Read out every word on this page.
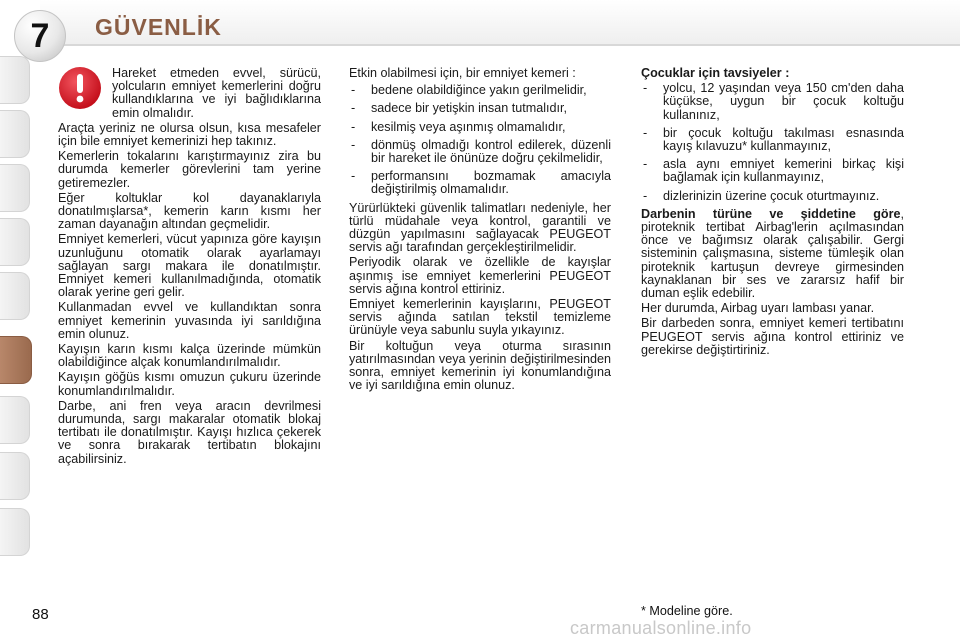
7	GÜVENLİK

Hareket etmeden evvel, sürücü, yolcuların emniyet kemerlerini doğru kullandıklarına ve iyi bağlıdıklarına emin olmalıdır.

Araçta yeriniz ne olursa olsun, kısa mesafeler için bile emniyet kemerinizi hep takınız.

Kemerlerin tokalarını karıştırmayınız zira bu durumda kemerler görevlerini tam yerine getiremezler.

Eğer koltuklar kol dayanaklarıyla donatılmışlarsa*, kemerin karın kısmı her zaman dayanağın altından geçmelidir.

Emniyet kemerleri, vücut yapınıza göre kayışın uzunluğunu otomatik olarak ayarlamayı sağlayan sargı makara ile donatılmıştır. Emniyet kemeri kullanılmadığında, otomatik olarak yerine geri gelir.

Kullanmadan evvel ve kullandıktan sonra emniyet kemerinin yuvasında iyi sarıldığına emin olunuz.

Kayışın karın kısmı kalça üzerinde mümkün olabildiğince alçak konumlandırılmalıdır.

Kayışın göğüs kısmı omuzun çukuru üzerinde konumlandırılmalıdır.

Darbe, ani fren veya aracın devrilmesi durumunda, sargı makaralar otomatik blokaj tertibatı ile donatılmıştır. Kayışı hızlıca çekerek ve sonra bırakarak tertibatın blokajını açabilirsiniz.

Etkin olabilmesi için, bir emniyet kemeri :

- bedene olabildiğince yakın gerilmelidir,
- sadece bir yetişkin insan tutmalıdır,
- kesilmiş veya aşınmış olmamalıdır,
- dönmüş olmadığı kontrol edilerek, düzenli bir hareket ile önünüze doğru çekilmelidir,
- performansını bozmamak amacıyla değiştirilmiş olmamalıdır.

Yürürlükteki güvenlik talimatları nedeniyle, her türlü müdahale veya kontrol, garantili ve düzgün yapılmasını sağlayacak PEUGEOT servis ağı tarafından gerçekleştirilmelidir.

Periyodik olarak ve özellikle de kayışlar aşınmış ise emniyet kemerlerini PEUGEOT servis ağına kontrol ettiriniz.

Emniyet kemerlerinin kayışlarını, PEUGEOT servis ağında satılan tekstil temizleme ürünüyle veya sabunlu suyla yıkayınız.

Bir koltuğun veya oturma sırasının yatırılmasından veya yerinin değiştirilmesinden sonra, emniyet kemerinin iyi konumlandığına ve iyi sarıldığına emin olunuz.

Çocuklar için tavsiyeler :

- yolcu, 12 yaşından veya 150 cm'den daha küçükse, uygun bir çocuk koltuğu kullanınız,
- bir çocuk koltuğu takılması esnasında kayış kılavuzu* kullanmayınız,
- asla aynı emniyet kemerini birkaç kişi bağlamak için kullanmayınız,
- dizlerinizin üzerine çocuk oturtmayınız.

Darbenin türüne ve şiddetine göre, piroteknik tertibat Airbag'lerin açılmasından önce ve bağımsız olarak çalışabilir. Gergi sisteminin çalışmasına, sisteme tümleşik olan piroteknik kartuşun devreye girmesinden kaynaklanan bir ses ve zararsız hafif bir duman eşlik edebilir.

Her durumda, Airbag uyarı lambası yanar.

Bir darbeden sonra, emniyet kemeri tertibatını PEUGEOT servis ağına kontrol ettiriniz ve gerekirse değiştirtiriniz.

88	* Modeline göre.
carmanualsonline.info
